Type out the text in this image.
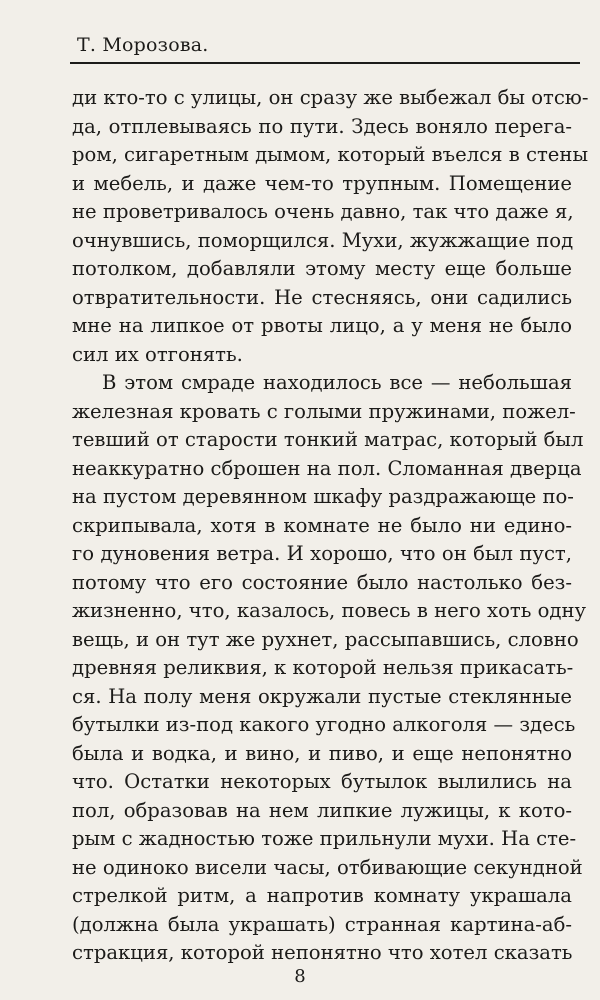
Т. Морозова.
ди кто-то с улицы, он сразу же выбежал бы отсю-
да, отплевываясь по пути. Здесь воняло перега-
ром, сигаретным дымом, который въелся в стены
и мебель, и даже чем-то трупным. Помещение
не проветривалось очень давно, так что даже я,
очнувшись, поморщился. Мухи, жужжащие под
потолком, добавляли этому месту еще больше
отвратительности. Не стесняясь, они садились
мне на липкое от рвоты лицо, а у меня не было
сил их отгонять.
В этом смраде находилось все — небольшая
железная кровать с голыми пружинами, пожел-
тевший от старости тонкий матрас, который был
неаккуратно сброшен на пол. Сломанная дверца
на пустом деревянном шкафу раздражающе по-
скрипывала, хотя в комнате не было ни едино-
го дуновения ветра. И хорошо, что он был пуст,
потому что его состояние было настолько без-
жизненно, что, казалось, повесь в него хоть одну
вещь, и он тут же рухнет, рассыпавшись, словно
древняя реликвия, к которой нельзя прикасать-
ся. На полу меня окружали пустые стеклянные
бутылки из-под какого угодно алкоголя — здесь
была и водка, и вино, и пиво, и еще непонятно
что. Остатки некоторых бутылок вылились на
пол, образовав на нем липкие лужицы, к кото-
рым с жадностью тоже прильнули мухи. На сте-
не одиноко висели часы, отбивающие секундной
стрелкой ритм, а напротив комнату украшала
(должна была украшать) странная картина-аб-
стракция, которой непонятно что хотел сказать
8
